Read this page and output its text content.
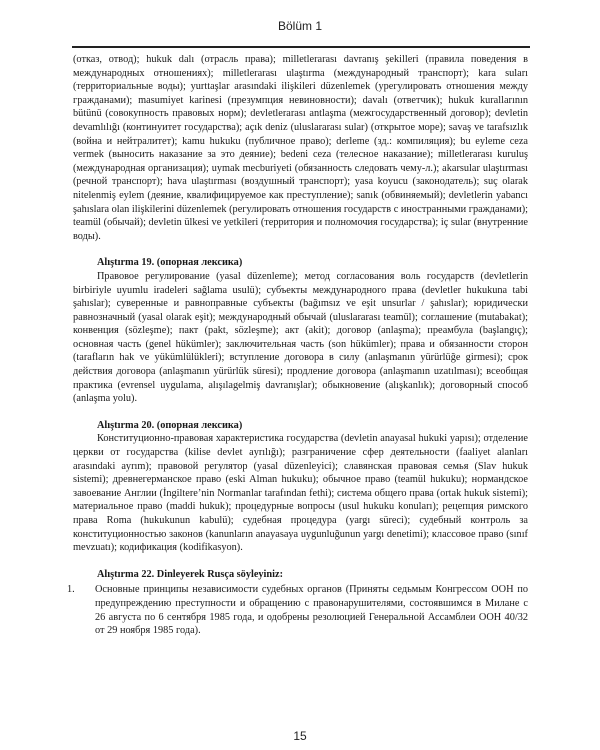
Bölüm 1

(отказ, отвод); hukuk dalı (отрасль права); milletlerarası davranış şekilleri (правила поведения в международных отношениях); milletlerarası ulaştırma (международный транспорт); kara suları (территориальные воды); yurttaşlar arasındaki ilişkileri düzenlemek (урегулировать отношения между гражданами); masumiyet karinesi (презумпция невиновности); davalı (ответчик); hukuk kurallarının bütünü (совокупность правовых норм); devletlerarası antlaşma (межгосударственный договор); devletin devamlılığı (континуитет государства); açık deniz (uluslararası sular) (открытое море); savaş ve tarafsızlık (война и нейтралитет); kamu hukuku (публичное право); derleme (зд.: компиляция); bu eyleme ceza vermek (выносить наказание за это деяние); bedeni ceza (телесное наказание); milletlerarası kuruluş (международная организация); uymak mecburiyeti (обязанность следовать чему-л.); akarsular ulaştırması (речной транспорт); hava ulaştırması (воздушный транспорт); yasa koyucu (законодатель); suç olarak nitelenmiş eylem (деяние, квалифицируемое как преступление); sanık (обвиняемый); devletlerin yabancı şahıslara olan ilişkilerini düzenlemek (регулировать отношения государств с иностранными гражданами); teamül (обычай); devletin ülkesi ve yetkileri (территория и полномочия государства); iç sular (внутренние воды).

Alıştırma 19. (опорная лексика)

Правовое регулирование (yasal düzenleme); метод согласования воль государств (devletlerin birbiriyle uyumlu iradeleri sağlama usulü); субъекты международного права (devletler hukukuna tabi şahıslar); суверенные и равноправные субъекты (bağımsız ve eşit unsurlar / şahıslar); юридически равнозначный (yasal olarak eşit); международный обычай (uluslararası teamül); соглашение (mutabakat); конвенция (sözleşme); пакт (pakt, sözleşme); акт (akit); договор (anlaşma); преамбула (başlangıç); основная часть (genel hükümler); заключительная часть (son hükümler); права и обязанности сторон (tarafların hak ve yükümlülükleri); вступление договора в силу (anlaşmanın yürürlüğe girmesi); срок действия договора (anlaşmanın yürürlük süresi); продление договора (anlaşmanın uzatılması); всеобщая практика (evrensel uygulama, alışılagelmiş davranışlar); обыкновение (alışkanlık); договорный способ (anlaşma yolu).

Alıştırma 20. (опорная лексика)

Конституционно-правовая характеристика государства (devletin anayasal hukuki yapısı); отделение церкви от государства (kilise devlet ayrılığı); разграничение сфер деятельности (faaliyet alanları arasındaki ayrım); правовой регулятор (yasal düzenleyici); славянская правовая семья (Slav hukuk sistemi); древнегерманское право (eski Alman hukuku); обычное право (teamül hukuku); нормандское завоевание Англии (İngiltere’nin Normanlar tarafından fethi); система общего права (ortak hukuk sistemi); материальное право (maddi hukuk); процедурные вопросы (usul hukuku konuları); рецепция римского права Roma (hukukunun kabulü); судебная процедура (yargı süreci); судебный контроль за конституционностью законов (kanunların anayasaya uygunluğunun yargı denetimi); классовое право (sınıf mevzuatı); кодификация (kodifikasyon).

Alıştırma 22. Dinleyerek Rusça söyleyiniz:

1. Основные принципы независимости судебных органов (Приняты седьмым Конгрессом ООН по предупреждению преступности и обращению с правонарушителями, состоявшимся в Милане с 26 августа по 6 сентября 1985 года, и одобрены резолюцией Генеральной Ассамблеи ООН 40/32 от 29 ноября 1985 года).
15
